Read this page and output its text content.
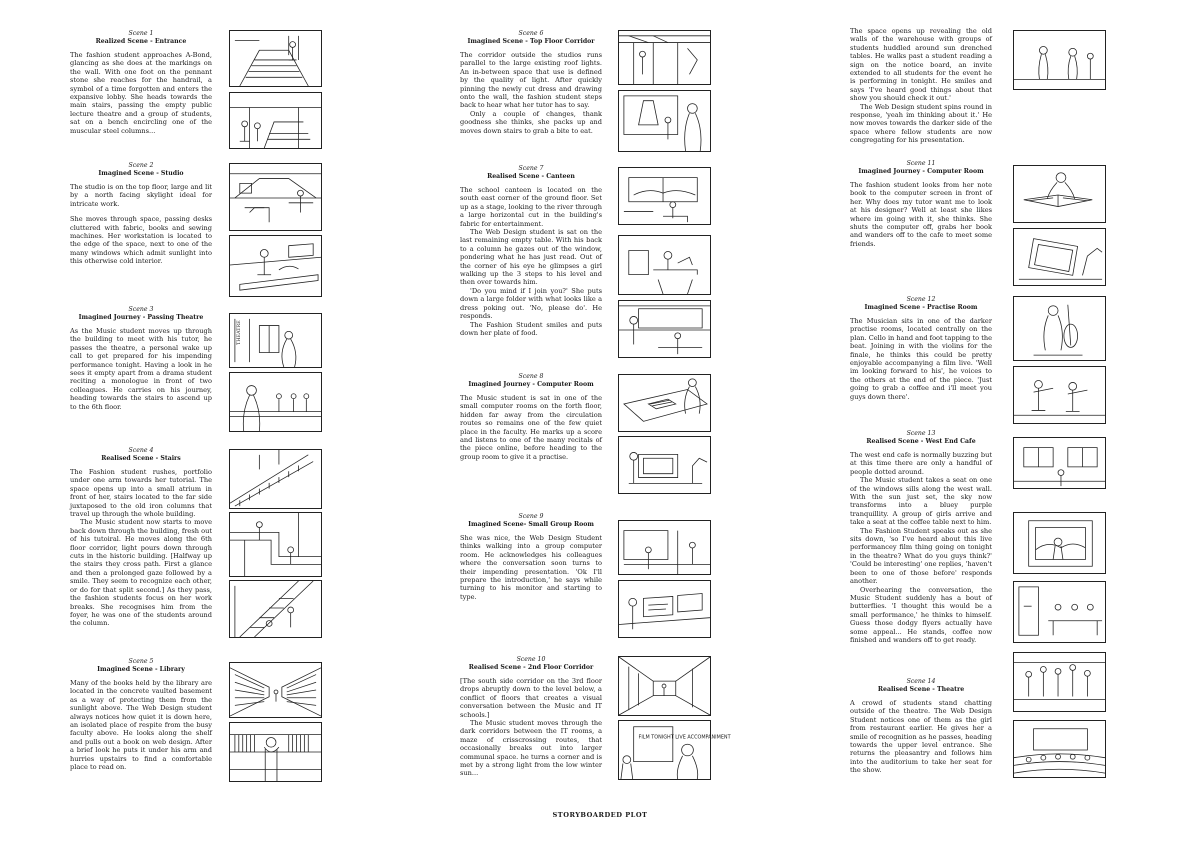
Scene 1
Realized Scene - Entrance

The fashion student approaches A-Bond, glancing as she does at the markings on the wall. With one foot on the pennant stone she reaches for the handrail, a symbol of a time forgotten and enters the expansive lobby. She heads towards the main stairs, passing the empty public lecture theatre and a group of students, sat on a bench encircling one of the muscular steel columns...

Scene 2
Imagined Scene - Studio

The studio is on the top floor, large and lit by a north facing skylight ideal for intricate work.

She moves through space, passing desks cluttered with fabric, books and sewing machines. Her workstation is located to the edge of the space, next to one of the many windows which admit sunlight into this otherwise cold interior.

Scene 3
Imagined Journey - Passing Theatre

As the Music student moves up through the building to meet with his tutor, he passes the theatre, a personal wake up call to get prepared for his impending performance tonight. Having a look in he sees it empty apart from a drama student reciting a monologue in front of two colleagues. He carries on his journey, heading towards the stairs to ascend up to the 6th floor.

Scene 4
Realised Scene - Stairs

The Fashion student rushes, portfolio under one arm towards her tutorial. The space opens up into a small atrium in front of her, stairs located to the far side juxtaposed to the old iron columns that travel up through the whole building.

The Music student now starts to move back down through the building, fresh out of his tutoiral. He moves along the 6th floor corridor, light pours down through cuts in the historic building. [Halfway up the stairs they cross path. First a glance and then a prolonged gaze followed by a smile. They seem to recognize each other, or do for that split second.] As they pass, the fashion students focus on her work breaks. She recognises him from the foyer, he was one of the students around the column.

Scene 5
Imagined Scene - Library

Many of the books held by the library are located in the concrete vaulted basement as a way of protecting them from the sunlight above. The Web Design student always notices how quiet it is down here, an isolated place of respite from the busy faculty above. He looks along the shelf and pulls out a book on web design. After a brief look he puts it under his arm and hurries upstairs to find a comfortable place to read on.

Scene 6
Imagined Scene - Top Floor Corridor

The corridor outside the studios runs parallel to the large existing roof lights. An in-between space that use is defined by the quality of light. After quickly pinning the newly cut dress and drawing onto the wall, the fashion student steps back to hear what her tutor has to say.

Only a couple of changes, thank goodness she thinks, she packs up and moves down stairs to grab a bite to eat.

Scene 7
Realised Scene - Canteen

The school canteen is located on the south east corner of the ground floor. Set up as a stage, looking to the river through a large horizontal cut in the building's fabric for entertainment.

The Web Design student is sat on the last remaining empty table. With his back to a column he gazes out of the window, pondering what he has just read. Out of the corner of his eye he glimpses a girl walking up the 3 steps to his level and then over towards him.

'Do you mind if I join you?' She puts down a large folder with what looks like a dress poking out. 'No, please do'. He responds.

The Fashion Student smiles and puts down her plate of food.

Scene 8
Imagined Journey - Computer Room

The Music student is sat in one of the small computer rooms on the forth floor, hidden far away from the circulation routes so remains one of the few quiet place in the faculty. He marks up a score and listens to one of the many recitals of the piece online, before heading to the group room to give it a practise.

Scene 9
Imagined Scene- Small Group Room

She was nice, the Web Design Student thinks walking into a group computer room. He acknowledges his colleagues where the conversation soon turns to their impending presentation. 'Ok I'll prepare the introduction,' he says while turning to his monitor and starting to type.

Scene 10
Realised Scene - 2nd Floor Corridor

[The south side corridor on the 3rd floor drops abruptly down to the level below, a conflict of floors that creates a visual conversation between the Music and IT schools.]

The Music student moves through the dark corridors between the IT rooms, a maze of crisscrossing routes, that occasionally breaks out into larger communal space. he turns a corner and is met by a strong light from the low winter sun...

The space opens up revealing the old walls of the warehouse with groups of students huddled around sun drenched tables. He walks past a student reading a sign on the notice board, an invite extended to all students for the event he is performing in tonight. He smiles and says 'I've heard good things about that show you should check it out.'

The Web Design student spins round in response, 'yeah im thinking about it.' He now moves towards the darker side of the space where fellow students are now congregating for his presentation.

Scene 11
Imagined Journey - Computer Room

The fashion student looks from her note book to the computer screen in front of her. Why does my tutor want me to look at his designer? Well at least she likes where im going with it, she thinks. She shuts the computer off, grabs her book and wanders off to the cafe to meet some friends.

Scene 12
Imagined Scene - Practise Room

The Musician sits in one of the darker practise rooms, located centrally on the plan. Cello in hand and foot tapping to the beat. Joining in with the violins for the finale, he thinks this could be pretty enjoyable accompanying a film live. 'Well im looking forward to his', he voices to the others at the end of the piece. 'Just going to grab a coffee and i'll meet you guys down there'.

Scene 13
Realised Scene - West End Cafe

The west end cafe is normally buzzing but at this time there are only a handful of people dotted around.

The Music student takes a seat on one of the windows sills along the west wall. With the sun just set, the sky now transforms into a bluey purple tranquillity. A group of girls arrive and take a seat at the coffee table next to him.

The Fashion Student speaks out as she sits down, 'so I've heard about this live performancey film thing going on tonight in the theatre? What do you guys think?' 'Could be interesting' one replies, 'haven't been to one of those before' responds another.

Overhearing the conversation, the Music Student suddenly has a bout of butterflies. 'I thought this would be a small performance,' he thinks to himself. Guess those dodgy flyers actually have some appeal... He stands, coffee now finished and wanders off to get ready.

Scene 14
Realised Scene - Theatre

A crowd of students stand chatting outside of the theatre. The Web Design Student notices one of them as the girl from restaurant earlier. He gives her a smile of recognition as he passes, heading towards the upper level entrance. She returns the pleasantry and follows him into the auditorium to take her seat for the show.

THEATRE
FILM TONIGHT LIVE ACCOMPANIMENT
STORYBOARDED PLOT
